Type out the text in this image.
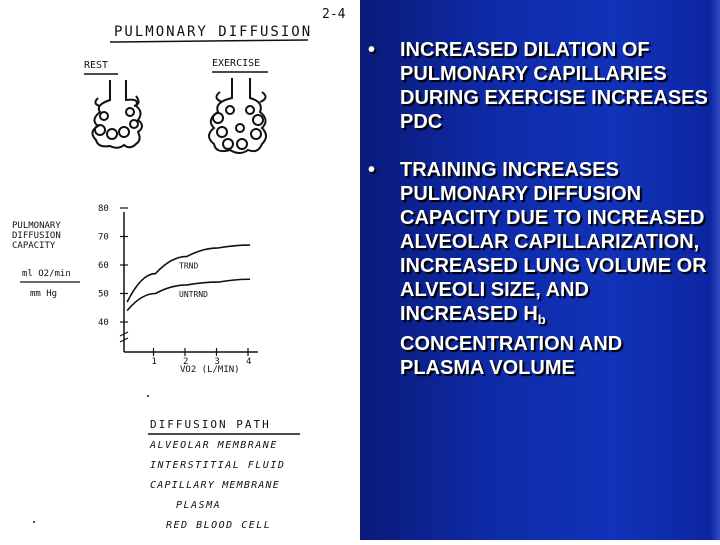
2-4
PULMONARY DIFFUSION
REST	EXERCISE
PULMONARY
DIFFUSION
CAPACITY
ml O2/min
mm Hg
80
70
60
50
40
1	2	3	4
TRND
UNTRND
VO2 (L/MIN)
DIFFUSION PATH
ALVEOLAR MEMBRANE
INTERSTITIAL FLUID
CAPILLARY MEMBRANE
PLASMA
RED BLOOD CELL
• INCREASED DILATION OF PULMONARY CAPILLARIES DURING EXERCISE INCREASES PDC
• TRAINING INCREASES PULMONARY DIFFUSION CAPACITY DUE TO INCREASED ALVEOLAR CAPILLARIZATION, INCREASED LUNG VOLUME OR ALVEOLI SIZE, AND INCREASED $H_b$ CONCENTRATION AND PLASMA VOLUME
